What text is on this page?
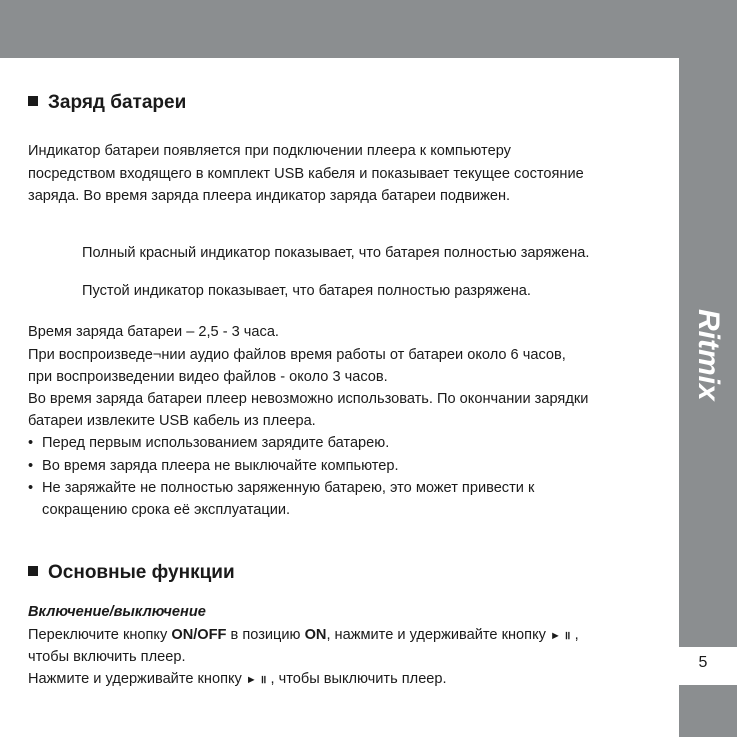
Ritmix
5
Заряд батареи
Индикатор батареи появляется при подключении плеера к компьютеру
посредством входящего в комплект USB кабеля и показывает текущее состояние
заряда. Во время заряда плеера индикатор заряда батареи подвижен.
Полный красный индикатор показывает, что батарея полностью заряжена.
Пустой индикатор показывает, что батарея полностью разряжена.
Время заряда батареи – 2,5 - 3 часа.
При воспроизведе¬нии аудио файлов время работы от батареи около 6 часов,
при воспроизведении видео файлов - около 3 часов.
Во время заряда батареи плеер невозможно использовать. По окончании зарядки
батареи извлеките USB кабель из плеера.
• Перед первым использованием зарядите батарею.
• Во время заряда плеера не выключайте компьютер.
• Не заряжайте не полностью заряженную батарею, это может привести к
сокращению срока её эксплуатации.
Основные функции
Включение/выключение
Переключите кнопку ON/OFF в позицию ON, нажмите и удерживайте кнопку ► ॥ ,
чтобы включить плеер.
Нажмите и удерживайте кнопку ► ॥ , чтобы выключить плеер.
